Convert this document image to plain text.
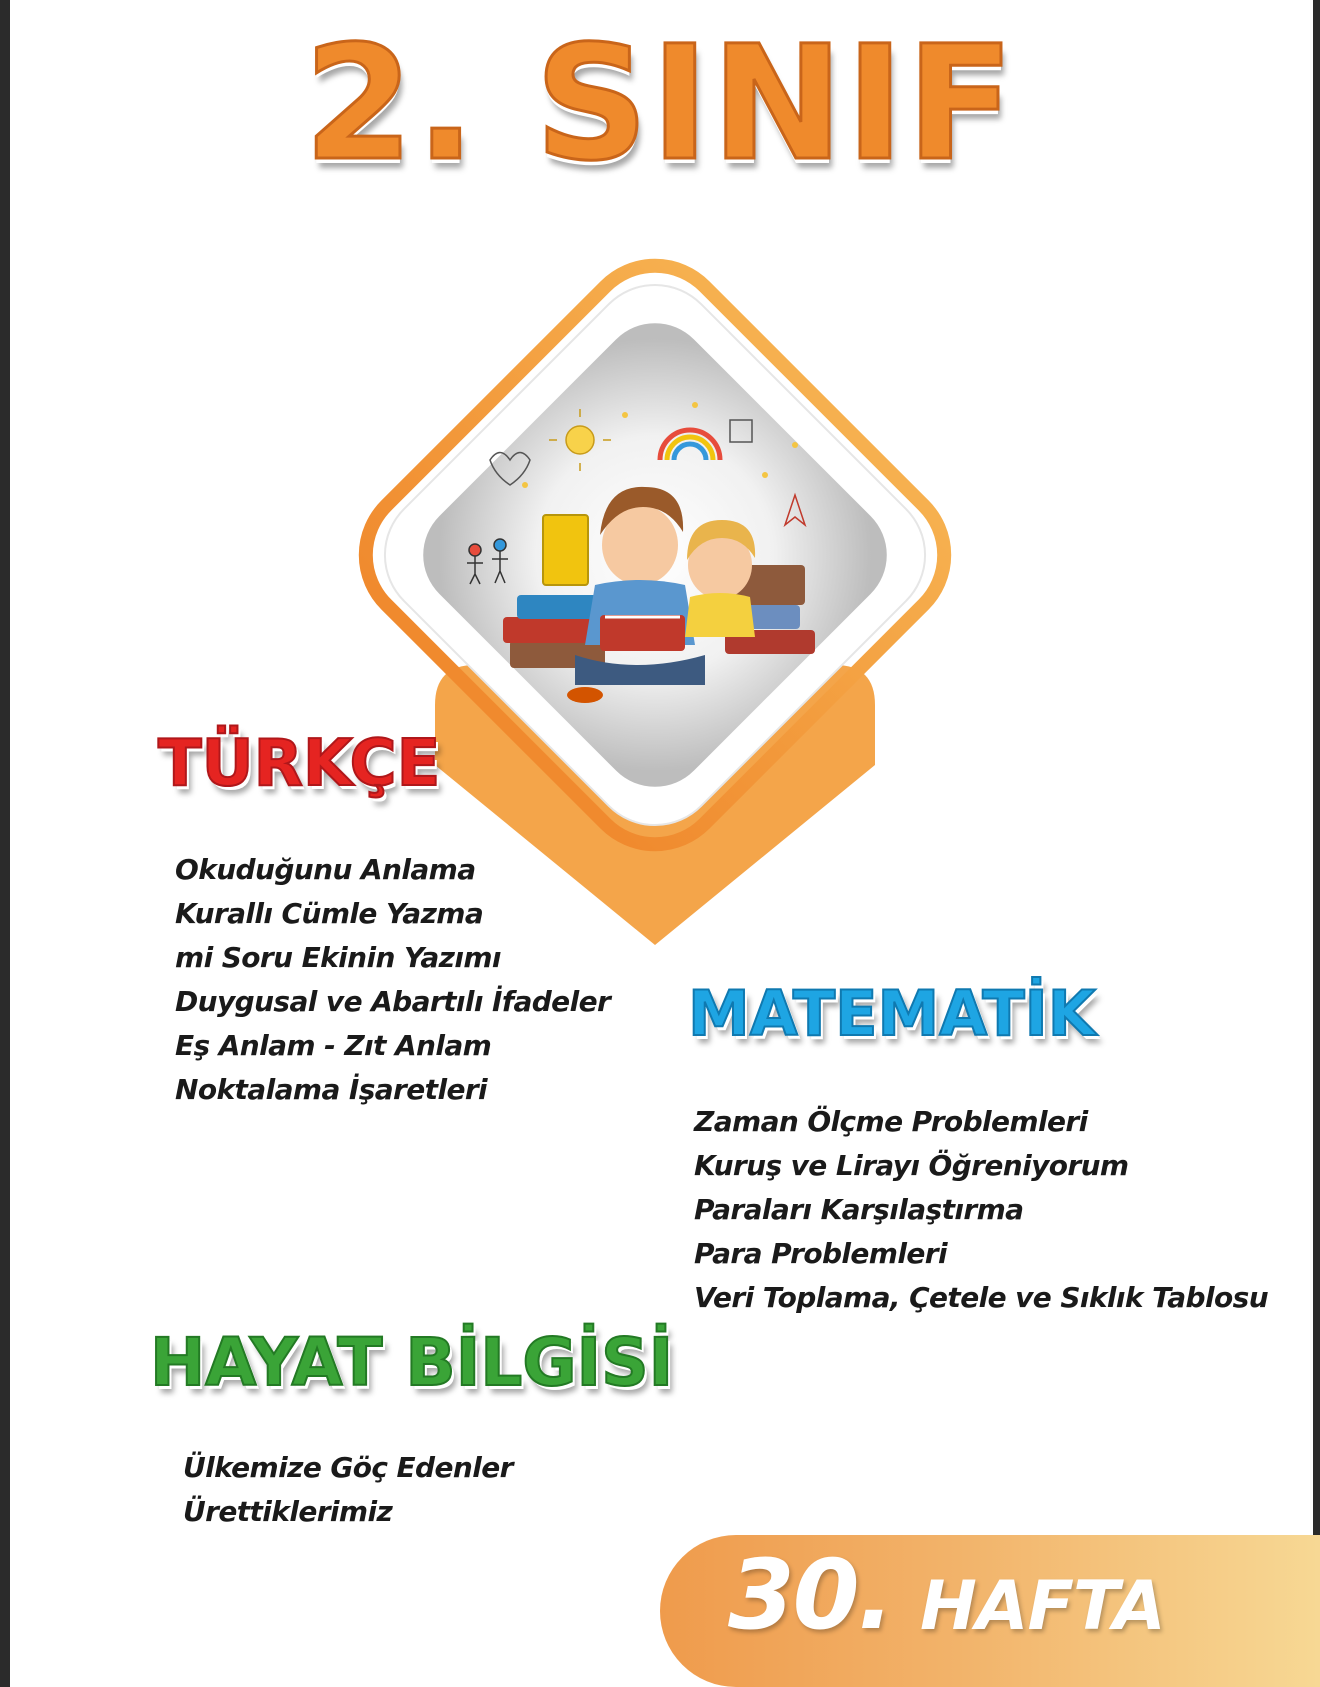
2. SINIF
TÜRKÇE
Okuduğunu Anlama
Kurallı Cümle Yazma
mi Soru Ekinin Yazımı
Duygusal ve Abartılı İfadeler
Eş Anlam - Zıt Anlam
Noktalama İşaretleri
MATEMATİK
Zaman Ölçme Problemleri
Kuruş ve Lirayı Öğreniyorum
Paraları Karşılaştırma
Para Problemleri
Veri Toplama, Çetele ve Sıklık Tablosu
HAYAT BİLGİSİ
Ülkemize Göç Edenler
Ürettiklerimiz
30. HAFTA
